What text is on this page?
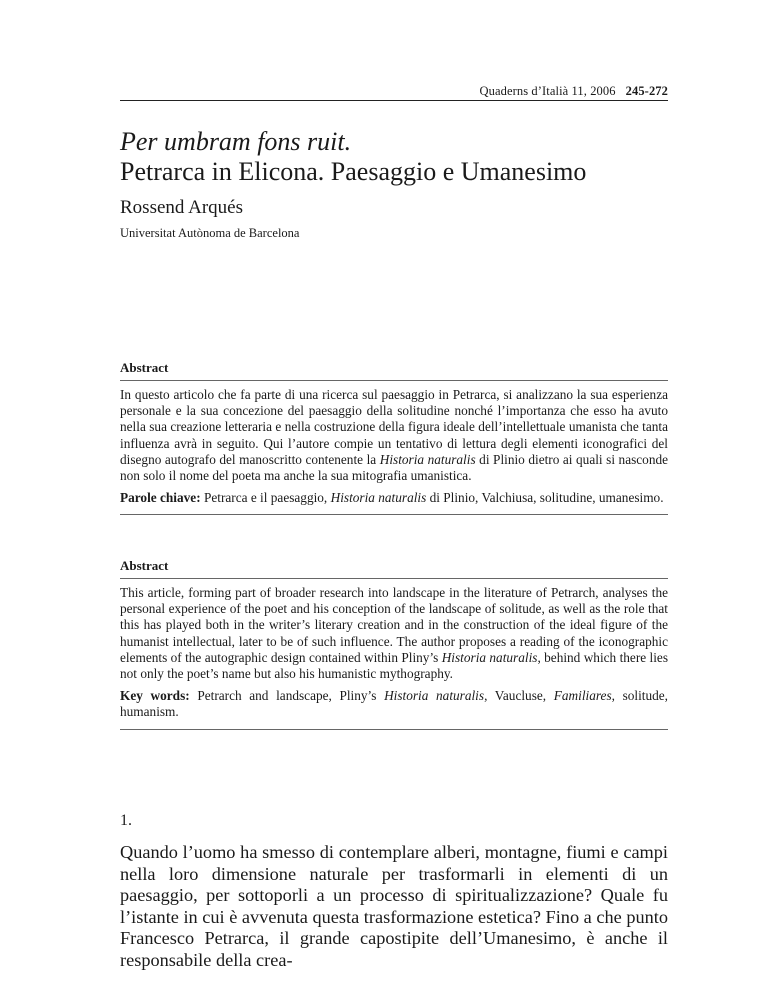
Quaderns d’Italià 11, 2006 245-272
Per umbram fons ruit.
Petrarca in Elicona. Paesaggio e Umanesimo
Rossend Arqués
Universitat Autònoma de Barcelona
Abstract

In questo articolo che fa parte di una ricerca sul paesaggio in Petrarca, si analizzano la sua esperienza personale e la sua concezione del paesaggio della solitudine nonché l’importanza che esso ha avuto nella sua creazione letteraria e nella costruzione della figura ideale dell’intellettuale umanista che tanta influenza avrà in seguito. Qui l’autore compie un tentativo di lettura degli elementi iconografici del disegno autografo del manoscritto contenente la Historia naturalis di Plinio dietro ai quali si nasconde non solo il nome del poeta ma anche la sua mitografia umanistica.

Parole chiave: Petrarca e il paesaggio, Historia naturalis di Plinio, Valchiusa, solitudine, umanesimo.

Abstract

This article, forming part of broader research into landscape in the literature of Petrarch, analyses the personal experience of the poet and his conception of the landscape of solitude, as well as the role that this has played both in the writer’s literary creation and in the construction of the ideal figure of the humanist intellectual, later to be of such influence. The author proposes a reading of the iconographic elements of the autographic design contained within Pliny’s Historia naturalis, behind which there lies not only the poet’s name but also his humanistic mythography.

Key words: Petrarch and landscape, Pliny’s Historia naturalis, Vaucluse, Familiares, solitude, humanism.

1.

Quando l’uomo ha smesso di contemplare alberi, montagne, fiumi e campi nella loro dimensione naturale per trasformarli in elementi di un paesaggio, per sottoporli a un processo di spiritualizzazione? Quale fu l’istante in cui è avvenuta questa trasformazione estetica? Fino a che punto Francesco Petrarca, il grande capostipite dell’Umanesimo, è anche il responsabile della crea-
